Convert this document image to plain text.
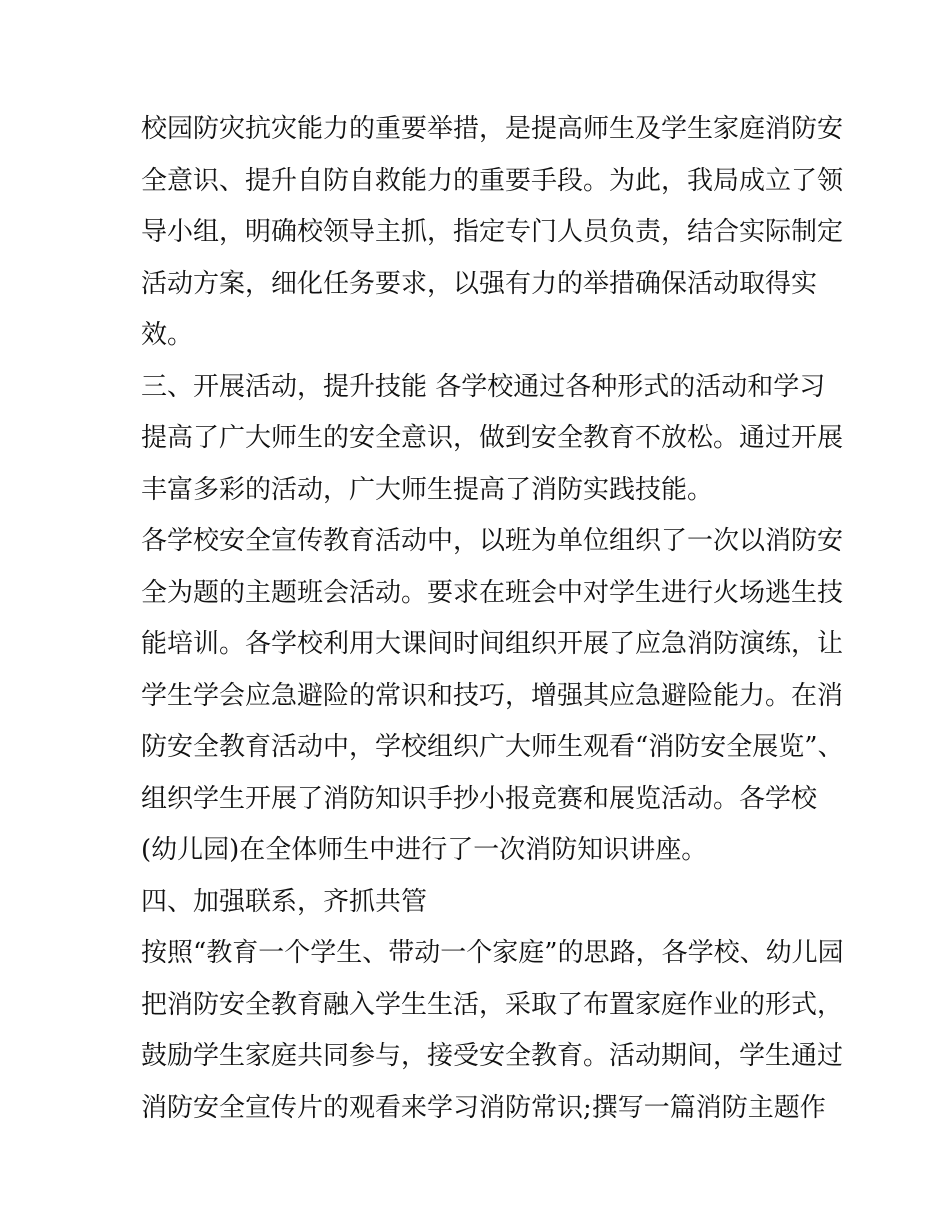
校园防灾抗灾能力的重要举措，是提高师生及学生家庭消防安
全意识、提升自防自救能力的重要手段。为此，我局成立了领
导小组，明确校领导主抓，指定专门人员负责，结合实际制定
活动方案，细化任务要求，以强有力的举措确保活动取得实
效。
三、开展活动，提升技能 各学校通过各种形式的活动和学习
提高了广大师生的安全意识，做到安全教育不放松。通过开展
丰富多彩的活动，广大师生提高了消防实践技能。
各学校安全宣传教育活动中，以班为单位组织了一次以消防安
全为题的主题班会活动。要求在班会中对学生进行火场逃生技
能培训。各学校利用大课间时间组织开展了应急消防演练，让
学生学会应急避险的常识和技巧，增强其应急避险能力。在消
防安全教育活动中，学校组织广大师生观看“消防安全展览”、
组织学生开展了消防知识手抄小报竞赛和展览活动。各学校
(幼儿园)在全体师生中进行了一次消防知识讲座。
四、加强联系，齐抓共管
按照“教育一个学生、带动一个家庭”的思路，各学校、幼儿园
把消防安全教育融入学生生活，采取了布置家庭作业的形式，
鼓励学生家庭共同参与，接受安全教育。活动期间，学生通过
消防安全宣传片的观看来学习消防常识;撰写一篇消防主题作
